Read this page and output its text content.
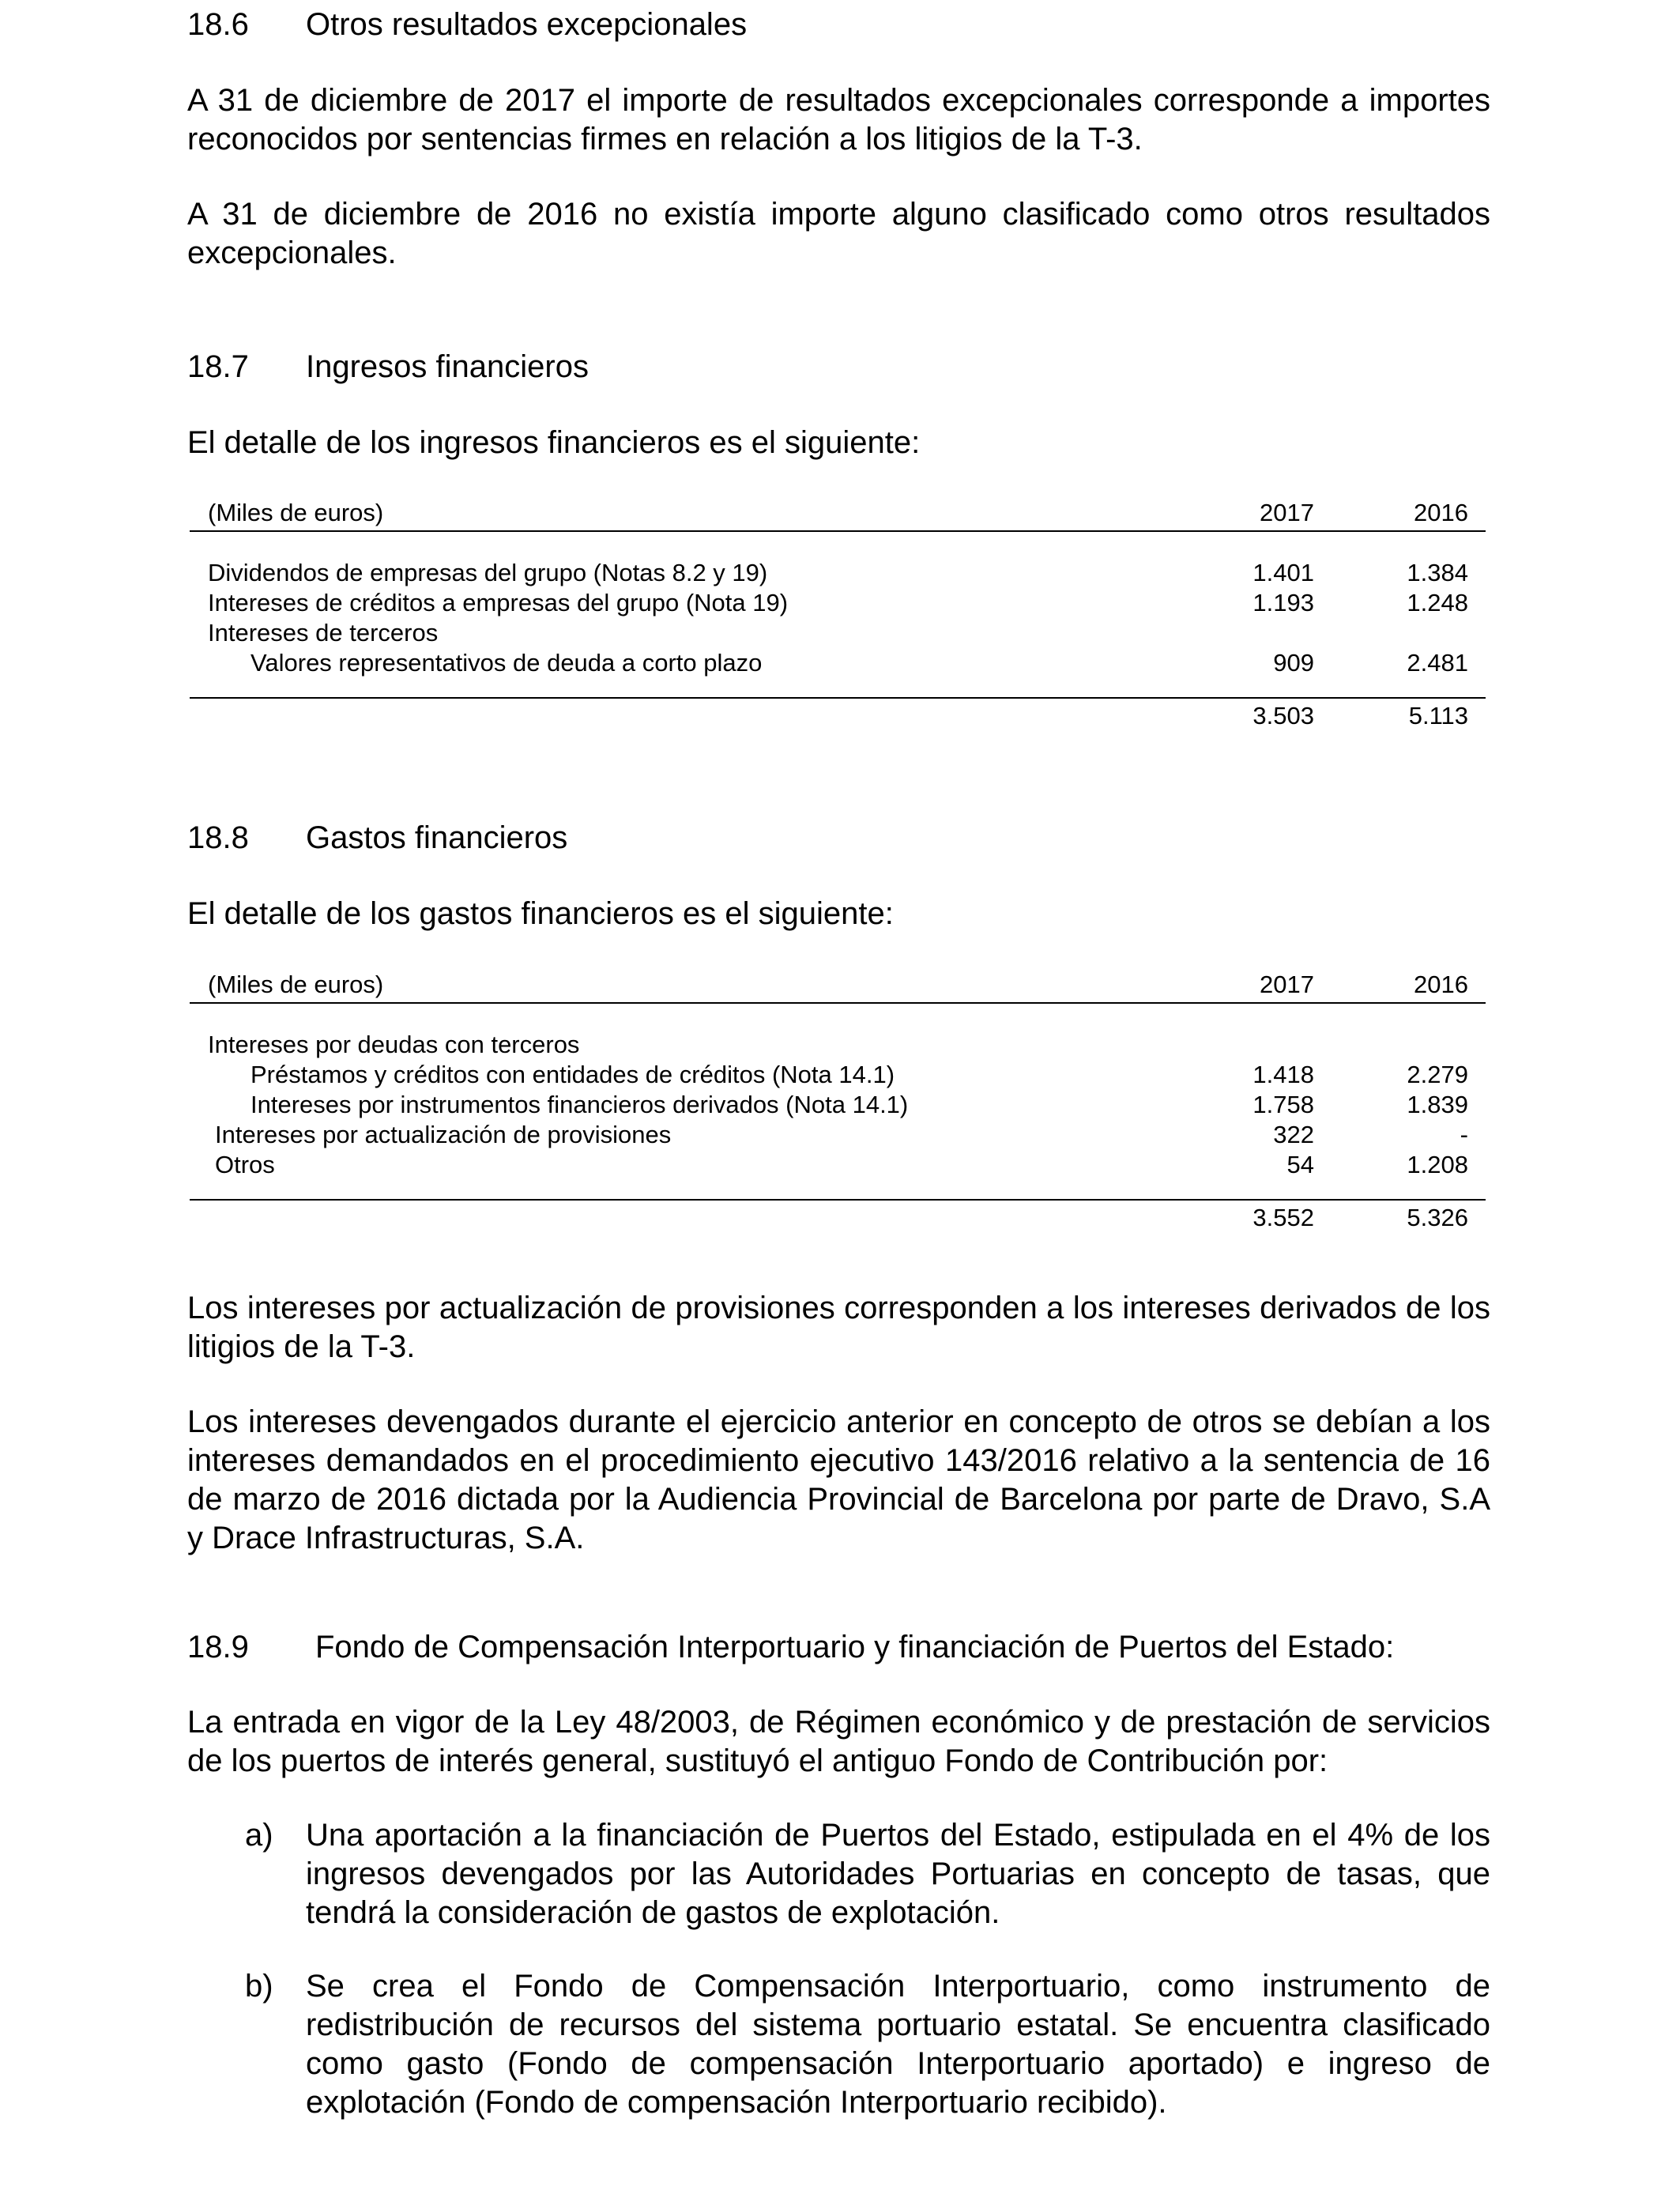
18.6 Otros resultados excepcionales

A 31 de diciembre de 2017 el importe de resultados excepcionales corresponde a importes reconocidos por sentencias firmes en relación a los litigios de la T-3.

A 31 de diciembre de 2016 no existía importe alguno clasificado como otros resultados excepcionales.

18.7 Ingresos financieros

El detalle de los ingresos financieros es el siguiente:

(Miles de euros)	2017	2016

Dividendos de empresas del grupo (Notas 8.2 y 19)	1.401	1.384
Intereses de créditos a empresas del grupo (Nota 19)	1.193	1.248
Intereses de terceros		
Valores representativos de deuda a corto plazo	909	2.481

	3.503	5.113
18.8 Gastos financieros

El detalle de los gastos financieros es el siguiente:

(Miles de euros)	2017	2016

Intereses por deudas con terceros		
Préstamos y créditos con entidades de créditos (Nota 14.1)	1.418	2.279
Intereses por instrumentos financieros derivados (Nota 14.1)	1.758	1.839
Intereses por actualización de provisiones	322	-
Otros	54	1.208

	3.552	5.326

Los intereses por actualización de provisiones corresponden a los intereses derivados de los litigios de la T-3.

Los intereses devengados durante el ejercicio anterior en concepto de otros se debían a los intereses demandados en el procedimiento ejecutivo 143/2016 relativo a la sentencia de 16 de marzo de 2016 dictada por la Audiencia Provincial de Barcelona por parte de Dravo, S.A y Drace Infrastructuras, S.A.

18.9 Fondo de Compensación Interportuario y financiación de Puertos del Estado:

La entrada en vigor de la Ley 48/2003, de Régimen económico y de prestación de servicios de los puertos de interés general, sustituyó el antiguo Fondo de Contribución por:

a) Una aportación a la financiación de Puertos del Estado, estipulada en el 4% de los ingresos devengados por las Autoridades Portuarias en concepto de tasas, que tendrá la consideración de gastos de explotación.
b) Se crea el Fondo de Compensación Interportuario, como instrumento de redistribución de recursos del sistema portuario estatal. Se encuentra clasificado como gasto (Fondo de compensación Interportuario aportado) e ingreso de explotación (Fondo de compensación Interportuario recibido).
